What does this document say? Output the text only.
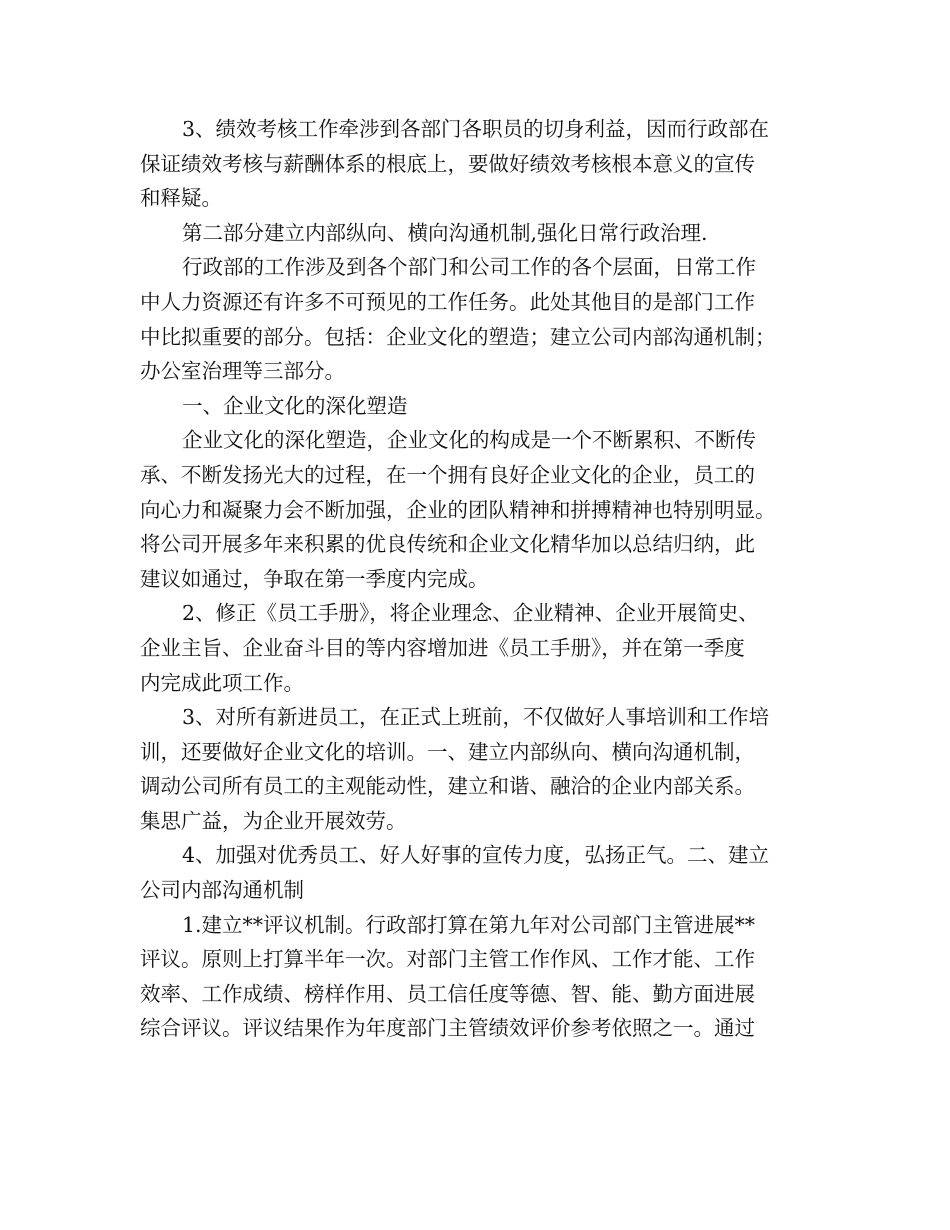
3、绩效考核工作牵涉到各部门各职员的切身利益，因而行政部在
保证绩效考核与薪酬体系的根底上，要做好绩效考核根本意义的宣传
和释疑。
第二部分建立内部纵向、横向沟通机制,强化日常行政治理.
行政部的工作涉及到各个部门和公司工作的各个层面，日常工作
中人力资源还有许多不可预见的工作任务。此处其他目的是部门工作
中比拟重要的部分。包括：企业文化的塑造；建立公司内部沟通机制；
办公室治理等三部分。
一、企业文化的深化塑造
企业文化的深化塑造，企业文化的构成是一个不断累积、不断传
承、不断发扬光大的过程，在一个拥有良好企业文化的企业，员工的
向心力和凝聚力会不断加强，企业的团队精神和拼搏精神也特别明显。
将公司开展多年来积累的优良传统和企业文化精华加以总结归纳，此
建议如通过，争取在第一季度内完成。
2、修正《员工手册》，将企业理念、企业精神、企业开展简史、
企业主旨、企业奋斗目的等内容增加进《员工手册》，并在第一季度
内完成此项工作。
3、对所有新进员工，在正式上班前，不仅做好人事培训和工作培
训，还要做好企业文化的培训。一、建立内部纵向、横向沟通机制，
调动公司所有员工的主观能动性，建立和谐、融洽的企业内部关系。
集思广益，为企业开展效劳。
4、加强对优秀员工、好人好事的宣传力度，弘扬正气。二、建立
公司内部沟通机制
1.建立**评议机制。行政部打算在第九年对公司部门主管进展**
评议。原则上打算半年一次。对部门主管工作作风、工作才能、工作
效率、工作成绩、榜样作用、员工信任度等德、智、能、勤方面进展
综合评议。评议结果作为年度部门主管绩效评价参考依照之一。通过
